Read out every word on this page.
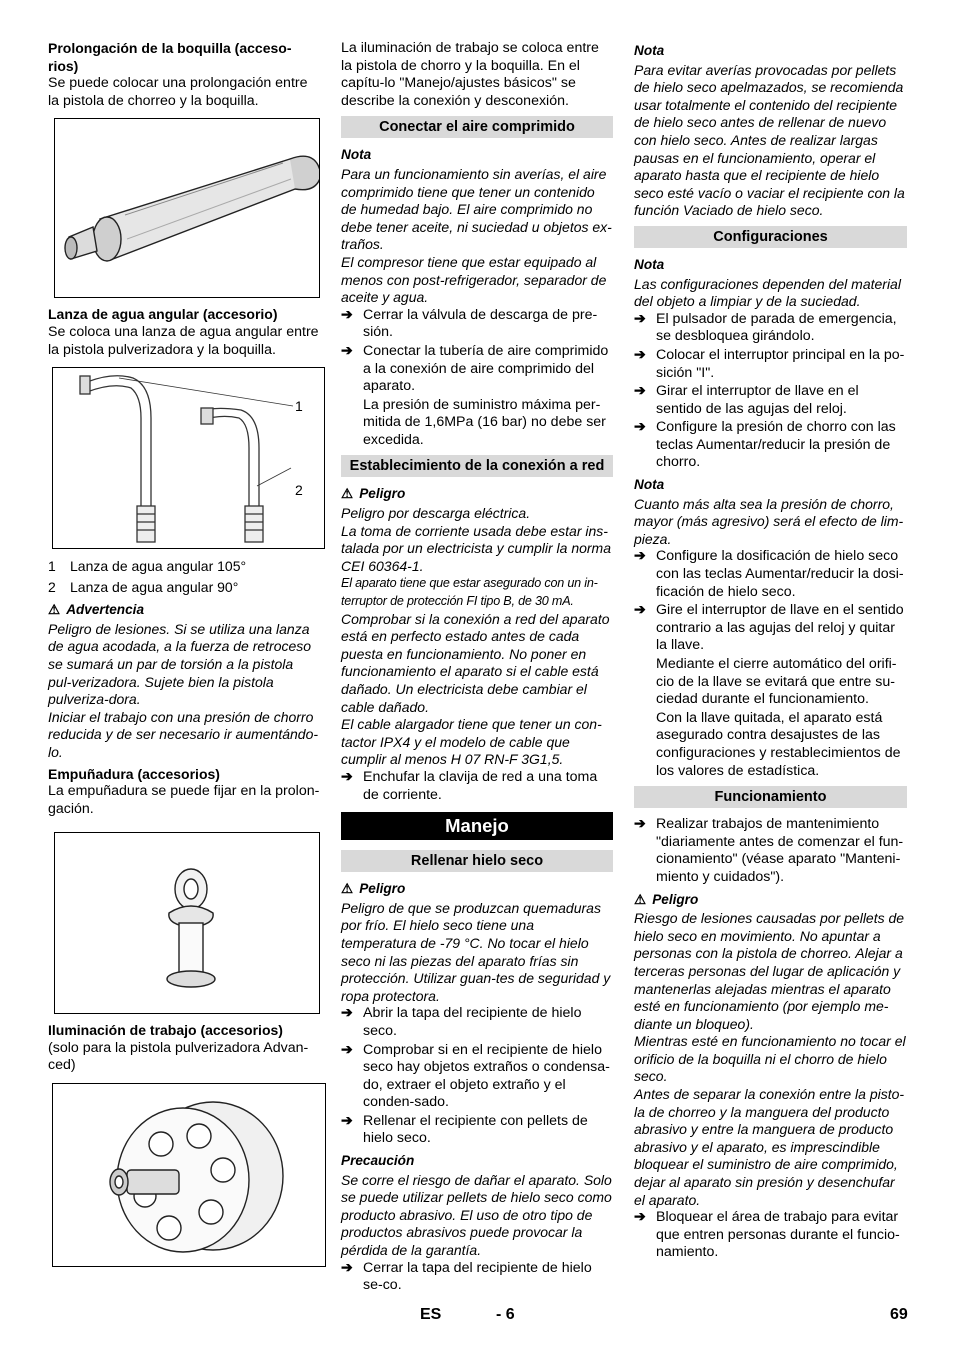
Prolongación de la boquilla (acceso-rios)

Se puede colocar una prolongación entre la pistola de chorreo y la boquilla.

Lanza de agua angular (accesorio)

Se coloca una lanza de agua angular entre la pistola pulverizadora y la boquilla.

1
2
1 Lanza de agua angular 105°
2 Lanza de agua angular 90°

⚠ Advertencia

Peligro de lesiones. Si se utiliza una lanza de agua acodada, a la fuerza de retroceso se sumará un par de torsión a la pistola pul-verizadora. Sujete bien la pistola pulveriza-dora.

Iniciar el trabajo con una presión de chorro reducida y de ser necesario ir aumentándo-lo.

Empuñadura (accesorios)

La empuñadura se puede fijar en la prolon-gación.

Iluminación de trabajo (accesorios)

(solo para la pistola pulverizadora Advan-ced)

La iluminación de trabajo se coloca entre la pistola de chorro y la boquilla. En el capítu-lo "Manejo/ajustes básicos" se describe la conexión y desconexión.

Conectar el aire comprimido

Nota

Para un funcionamiento sin averías, el aire comprimido tiene que tener un contenido de humedad bajo. El aire comprimido no debe tener aceite, ni suciedad u objetos ex-traños.

El compresor tiene que estar equipado al menos con post-refrigerador, separador de aceite y agua.

➔ Cerrar la válvula de descarga de pre-sión.
➔ Conectar la tubería de aire comprimido a la conexión de aire comprimido del aparato.

La presión de suministro máxima per-mitida de 1,6MPa (16 bar) no debe ser excedida.

Establecimiento de la conexión a red

⚠ Peligro

Peligro por descarga eléctrica.

La toma de corriente usada debe estar ins-talada por un electricista y cumplir la norma CEI 60364-1.

El aparato tiene que estar asegurado con un in-terruptor de protección FI tipo B, de 30 mA.

Comprobar si la conexión a red del aparato está en perfecto estado antes de cada puesta en funcionamiento. No poner en funcionamiento el aparato si el cable está dañado. Un electricista debe cambiar el cable dañado.

El cable alargador tiene que tener un con-tactor IPX4 y el modelo de cable que cumplir al menos H 07 RN-F 3G1,5.

➔ Enchufar la clavija de red a una toma de corriente.
Manejo
Rellenar hielo seco

⚠ Peligro

Peligro de que se produzcan quemaduras por frío. El hielo seco tiene una temperatura de -79 °C. No tocar el hielo seco ni las piezas del aparato frías sin protección. Utilizar guan-tes de seguridad y ropa protectora.

➔ Abrir la tapa del recipiente de hielo seco.
➔ Comprobar si en el recipiente de hielo seco hay objetos extraños o condensa-do, extraer el objeto extraño y el conden-sado.
➔ Rellenar el recipiente con pellets de hielo seco.

Precaución

Se corre el riesgo de dañar el aparato. Solo se puede utilizar pellets de hielo seco como producto abrasivo. El uso de otro tipo de productos abrasivos puede provocar la pérdida de la garantía.

➔ Cerrar la tapa del recipiente de hielo se-co.

Nota

Para evitar averías provocadas por pellets de hielo seco apelmazados, se recomienda usar totalmente el contenido del recipiente de hielo seco antes de rellenar de nuevo con hielo seco. Antes de realizar largas pausas en el funcionamiento, operar el aparato hasta que el recipiente de hielo seco esté vacío o vaciar el recipiente con la función Vaciado de hielo seco.

Configuraciones

Nota

Las configuraciones dependen del material del objeto a limpiar y de la suciedad.

➔ El pulsador de parada de emergencia, se desbloquea girándolo.
➔ Colocar el interruptor principal en la po-sición "I".
➔ Girar el interruptor de llave en el sentido de las agujas del reloj.
➔ Configure la presión de chorro con las teclas Aumentar/reducir la presión de chorro.

Nota

Cuanto más alta sea la presión de chorro, mayor (más agresivo) será el efecto de lim-pieza.

➔ Configure la dosificación de hielo seco con las teclas Aumentar/reducir la dosi-ficación de hielo seco.
➔ Gire el interruptor de llave en el sentido contrario a las agujas del reloj y quitar la llave.

Mediante el cierre automático del orifi-cio de la llave se evitará que entre su-ciedad durante el funcionamiento.

Con la llave quitada, el aparato está asegurado contra desajustes de las configuraciones y restablecimientos de los valores de estadística.

Funcionamiento
➔ Realizar trabajos de mantenimiento "diariamente antes de comenzar el fun-cionamiento" (véase aparato "Manteni-miento y cuidados").

⚠ Peligro

Riesgo de lesiones causadas por pellets de hielo seco en movimiento. No apuntar a personas con la pistola de chorreo. Alejar a terceras personas del lugar de aplicación y mantenerlas alejadas mientras el aparato esté en funcionamiento (por ejemplo me-diante un bloqueo).

Mientras esté en funcionamiento no tocar el orificio de la boquilla ni el chorro de hielo seco.

Antes de separar la conexión entre la pisto-la de chorreo y la manguera del producto abrasivo y entre la manguera de producto abrasivo y el aparato, es imprescindible bloquear el suministro de aire comprimido, dejar al aparato sin presión y desenchufar el aparato.

➔ Bloquear el área de trabajo para evitar que entren personas durante el funcio-namiento.
ES	- 6	69
